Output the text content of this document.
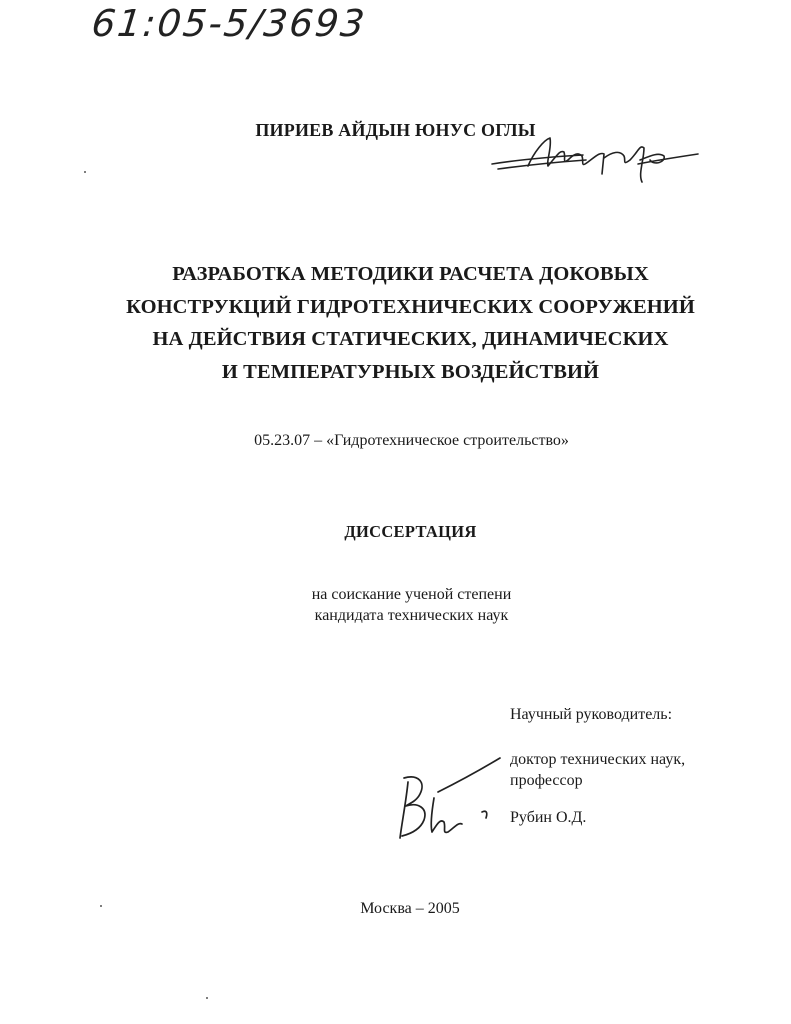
61:05-5/3693
ПИРИЕВ АЙДЫН ЮНУС ОГЛЫ
РАЗРАБОТКА МЕТОДИКИ РАСЧЕТА ДОКОВЫХ
КОНСТРУКЦИЙ ГИДРОТЕХНИЧЕСКИХ СООРУЖЕНИЙ
НА ДЕЙСТВИЯ СТАТИЧЕСКИХ, ДИНАМИЧЕСКИХ
И ТЕМПЕРАТУРНЫХ ВОЗДЕЙСТВИЙ
05.23.07 – «Гидротехническое строительство»
ДИССЕРТАЦИЯ
на соискание ученой степени
кандидата технических наук
Научный руководитель:
доктор технических наук,
профессор
Рубин О.Д.
Москва – 2005
